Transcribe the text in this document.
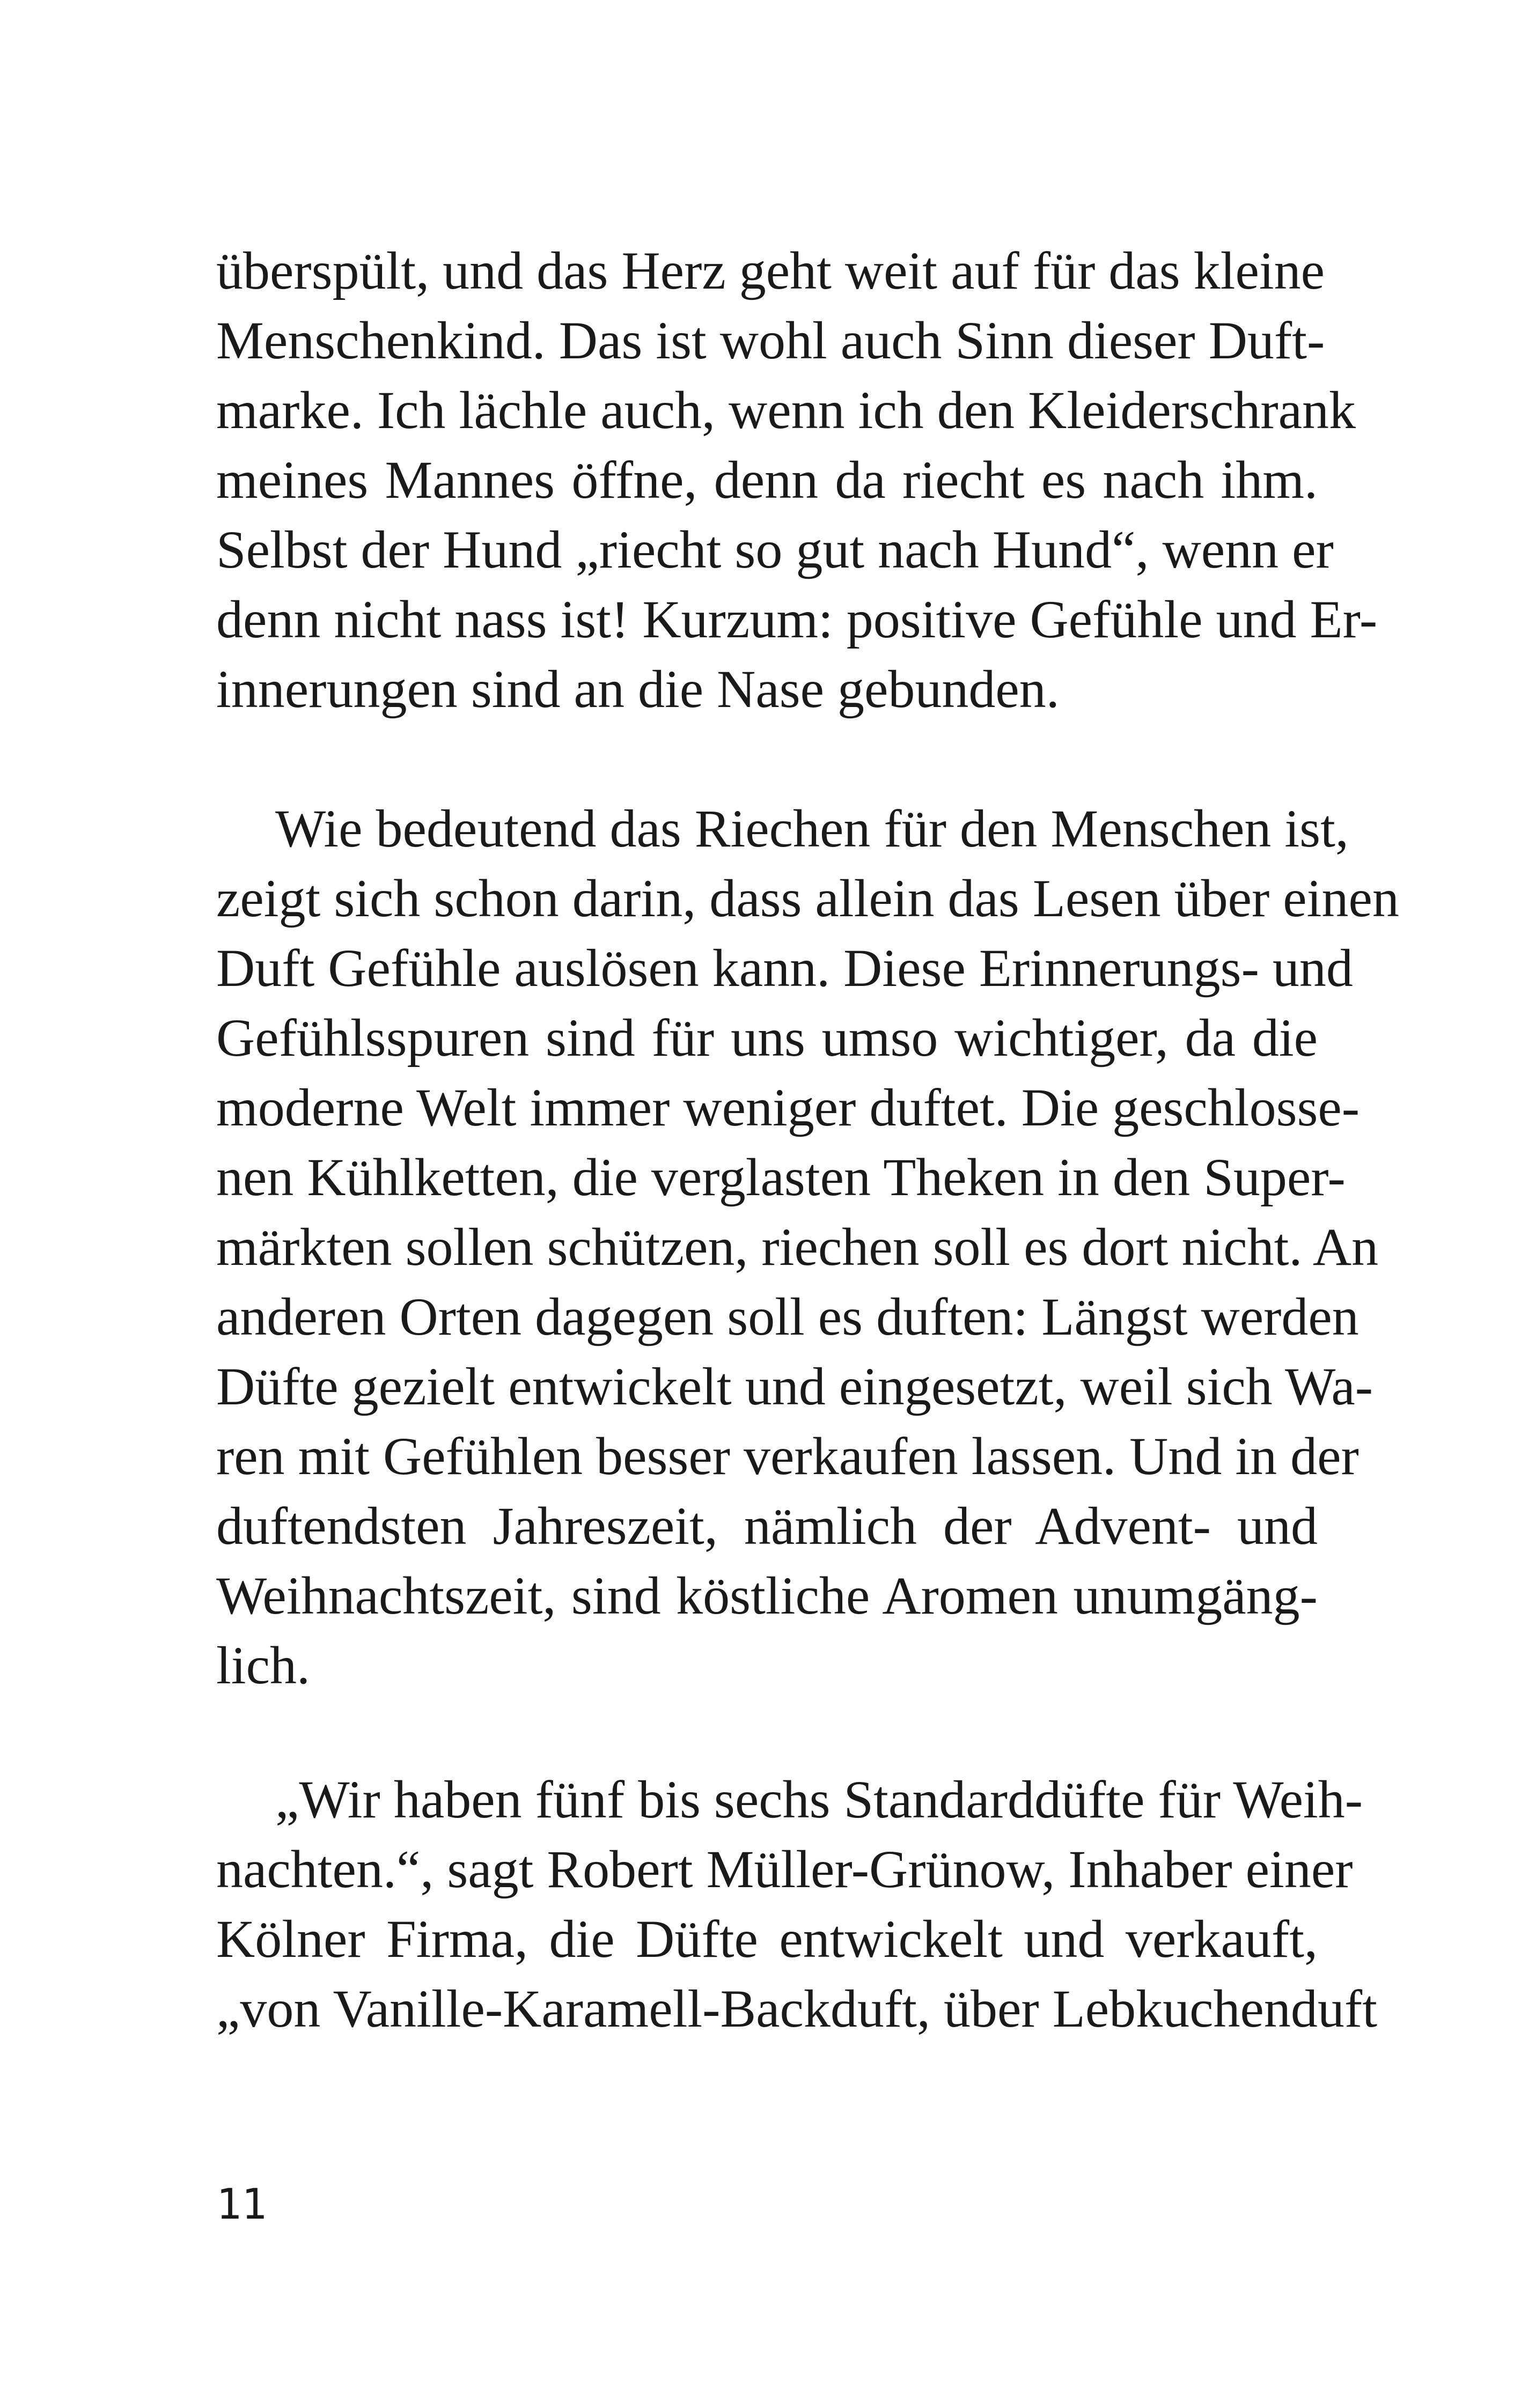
überspült, und das Herz geht weit auf für das kleine
Menschenkind. Das ist wohl auch Sinn dieser Duft-
marke. Ich lächle auch, wenn ich den Kleiderschrank
meines Mannes öffne, denn da riecht es nach ihm.
Selbst der Hund „riecht so gut nach Hund“, wenn er
denn nicht nass ist! Kurzum: positive Gefühle und Er-
innerungen sind an die Nase gebunden.
Wie bedeutend das Riechen für den Menschen ist,
zeigt sich schon darin, dass allein das Lesen über einen
Duft Gefühle auslösen kann. Diese Erinnerungs- und
Gefühlsspuren sind für uns umso wichtiger, da die
moderne Welt immer weniger duftet. Die geschlosse-
nen Kühlketten, die verglasten Theken in den Super-
märkten sollen schützen, riechen soll es dort nicht. An
anderen Orten dagegen soll es duften: Längst werden
Düfte gezielt entwickelt und eingesetzt, weil sich Wa-
ren mit Gefühlen besser verkaufen lassen. Und in der
duftendsten Jahreszeit, nämlich der Advent- und
Weihnachtszeit, sind köstliche Aromen unumgäng-
lich.
„Wir haben fünf bis sechs Standarddüfte für Weih-
nachten.“, sagt Robert Müller-Grünow, Inhaber einer
Kölner Firma, die Düfte entwickelt und verkauft,
„von Vanille-Karamell-Backduft, über Lebkuchenduft
11
